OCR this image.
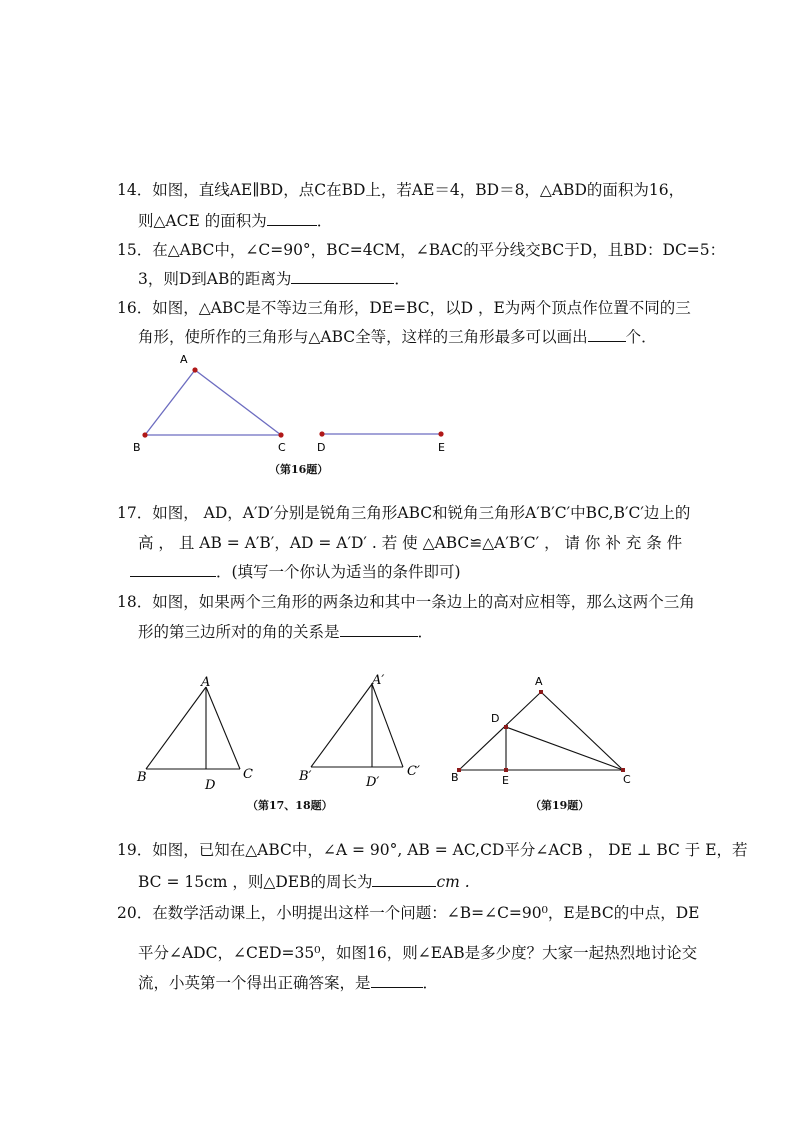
14．如图，直线AE∥BD，点C在BD上，若AE＝4，BD＝8，△ABD的面积为16，
则△ACE 的面积为	．
15．在△ABC中，∠C=90°，BC=4CM，∠BAC的平分线交BC于D，且BD：DC=5：
3，则D到AB的距离为	．
16．如图，△ABC是不等边三角形，DE=BC，以D ，E为两个顶点作位置不同的三
角形，使所作的三角形与△ABC全等，这样的三角形最多可以画出 个．
A
B	C	D	E
（第16题）
17．如图， AD，A′D′分别是锐角三角形ABC和锐角三角形A′B′C′中BC,B′C′边上的
高 ， 且 AB = A′B′，AD = A′D′ . 若 使 △ABC≌△A′B′C′ ， 请 你 补 充 条 件
．(填写一个你认为适当的条件即可)
18．如图，如果两个三角形的两条边和其中一条边上的高对应相等，那么这两个三角
形的第三边所对的角的关系是	．
A
B	C
D
A′
B′	C′
D′
A
B	C
D
E
（第17、18题）	（第19题）
19．如图，已知在△ABC中，∠A = 90°, AB = AC,CD平分∠ACB ， DE ⊥ BC 于 E，若
BC = 15cm ，则△DEB的周长为	cm .
20．在数学活动课上，小明提出这样一个问题：∠B=∠C=90⁰，E是BC的中点，DE
平分∠ADC，∠CED=35⁰，如图16，则∠EAB是多少度？大家一起热烈地讨论交
流，小英第一个得出正确答案，是	．
